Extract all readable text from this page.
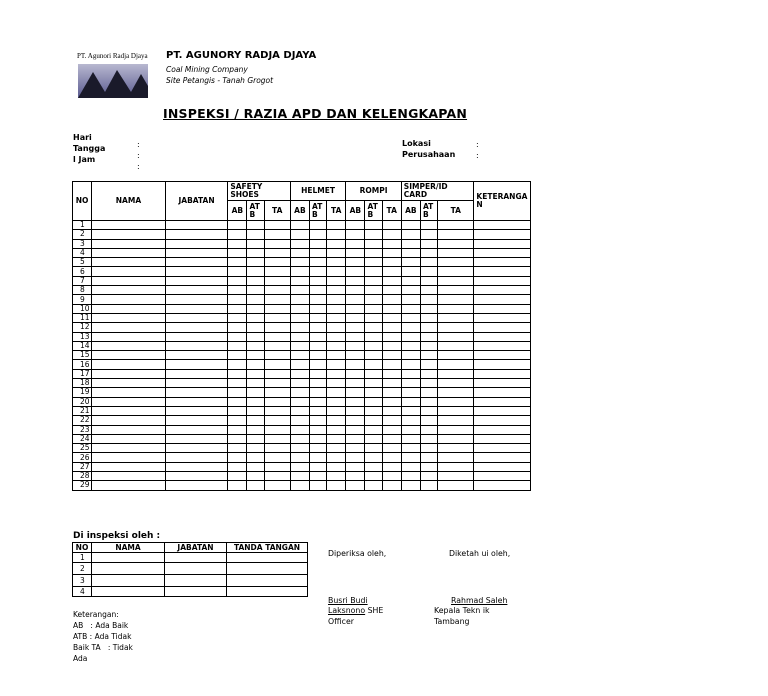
PT. Agunori Radja Djaya PT. AGUNORY RADJA DJAYA
Coal Mining Company
Site Petangis - Tanah Grogot
INSPEKSI / RAZIA APD DAN KELENGKAPAN
Hari
Tangga
l Jam
:
:
:
Lokasi
Perusahaan
:
:
NO	NAMA	JABATAN	SAFETY SHOES			HELMET			ROMPI			SIMPER/ID CARD			KETERANGA N
			AB	AT B	TA	AB	AT B	TA	AB	AT B	TA	AB	AT B	TA	
1															
2															
3															
4															
5															
6															
7															
8															
9															
10															
11															
12															
13															
14															
15															
16															
17															
18															
19															
20															
21															
22															
23															
24															
25															
26															
27															
28															
29															
Di inspeksi oleh :
NO	NAMA	JABATAN	TANDA TANGAN
1			
2			
3			
4			
Diperiksa oleh,	Diketah ui oleh,
Busri Budi
Laksnono SHE
Officer
Rahmad Saleh
Kepala Tekn ik
Tambang
Keterangan:
AB   : Ada Baik
ATB : Ada Tidak
Baik TA   : Tidak
Ada
